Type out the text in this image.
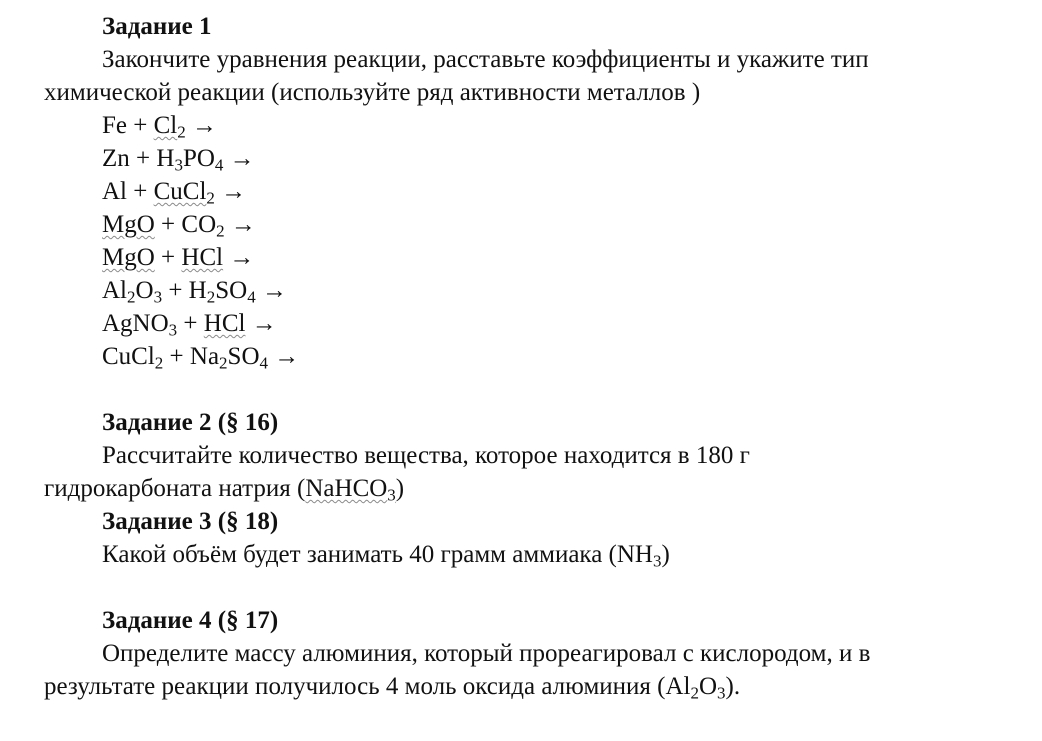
Задание 1
Закончите уравнения реакции, расставьте коэффициенты и укажите тип
химической реакции (используйте ряд активности металлов )
$Fe + Cl_2$ →
$Zn + H_3PO_4$ →
Al + CuCl$_2$ →
MgO + $CO_2$ →
MgO + HCl →
$Al_2O_3 + H_2SO_4$ →
AgNO$_3$ + HCl →
CuCl$_2$ + $Na_2SO_4$ →
Задание 2 (§ 16)
Рассчитайте количество вещества, которое находится в 180 г
гидрокарбоната натрия (NaHCO$_3$)
Задание 3 (§ 18)
Какой объём будет занимать 40 грамм аммиака $(NH_3)$
Задание 4 (§ 17)
Определите массу алюминия, который прореагировал с кислородом, и в
результате реакции получилось 4 моль оксида алюминия $(Al_2O_3)$.
